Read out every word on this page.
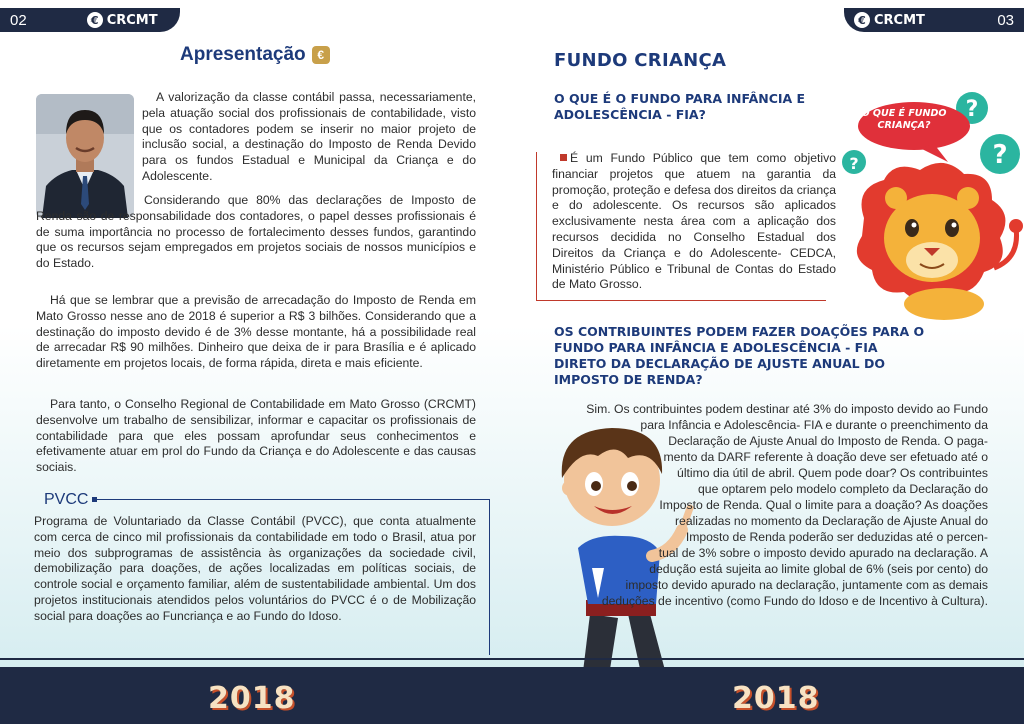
02	€ CRCMT
Apresentação €

A valorização da classe contábil passa, necessariamente, pela atuação social dos profissionais de contabilidade, visto que os contadores podem se inserir no maior projeto de inclusão social, a destinação do Imposto de Renda Devido para os fundos Estadual e Municipal da Criança e do Adolescente.

Considerando que 80% das declarações de Imposto de Renda são de responsabilidade dos contadores, o papel desses profissionais é de suma importância no processo de fortalecimento desses fundos, garantindo que os recursos sejam empregados em projetos sociais de nossos municípios e do Estado.

Há que se lembrar que a previsão de arrecadação do Imposto de Renda em Mato Grosso nesse ano de 2018 é superior a R$ 3 bilhões. Considerando que a destinação do imposto devido é de 3% desse montante, há a possibilidade real de arrecadar R$ 90 milhões. Dinheiro que deixa de ir para Brasília e é aplicado diretamente em projetos locais, de forma rápida, direta e mais eficiente.

Para tanto, o Conselho Regional de Contabilidade em Mato Grosso (CRCMT) desenvolve um trabalho de sensibilizar, informar e capacitar os profissionais de contabilidade para que eles possam aprofundar seus conhecimentos e efetivamente atuar em prol do Fundo da Criança e do Adolescente e das causas sociais.

PVCC

Programa de Voluntariado da Classe Contábil (PVCC), que conta atualmente com cerca de cinco mil profissionais da contabilidade em todo o Brasil, atua por meio dos subprogramas de assistência às organizações da sociedade civil, demobilização para doações, de ações localizadas em políticas sociais, de controle social e orçamento familiar, além de sustentabilidade ambiental. Um dos projetos institucionais atendidos pelos voluntários do PVCC é o de Mobilização social para doações ao Funcriança e ao Fundo do Idoso.

€ CRCMT	03
FUNDO CRIANÇA
O QUE É O FUNDO PARA INFÂNCIA E ADOLESCÊNCIA - FIA?

É um Fundo Público que tem como objetivo financiar projetos que atuem na garantia da promoção, proteção e defesa dos direitos da criança e do adolescente. Os recursos são aplicados exclusivamente nesta área com a aplicação dos recursos decidida no Conselho Estadual dos Direitos da Criança e do Adolescente- CEDCA, Ministério Público e Tribunal de Contas do Estado de Mato Grosso.

?
?
?
O QUE É FUNDO CRIANÇA?
OS CONTRIBUINTES PODEM FAZER DOAÇÕES PARA O FUNDO PARA INFÂNCIA E ADOLESCÊNCIA - FIA DIRETO DA DECLARAÇÃO DE AJUSTE ANUAL DO IMPOSTO DE RENDA?
Sim. Os contribuintes podem destinar até 3% do imposto devido ao Fundo
para Infância e Adolescência- FIA e durante o preenchimento da
Declaração de Ajuste Anual do Imposto de Renda. O paga-
mento da DARF referente à doação deve ser efetuado até o
último dia útil de abril. Quem pode doar? Os contribuintes
que optarem pelo modelo completo da Declaração do
Imposto de Renda. Qual o limite para a doação? As doações
realizadas no momento da Declaração de Ajuste Anual do
Imposto de Renda poderão ser deduzidas até o percen-
tual de 3% sobre o imposto devido apurado na declaração. A
dedução está sujeita ao limite global de 6% (seis por cento) do
imposto devido apurado na declaração, juntamente com as demais
deduções de incentivo (como Fundo do Idoso e de Incentivo à Cultura).
2018	2018
